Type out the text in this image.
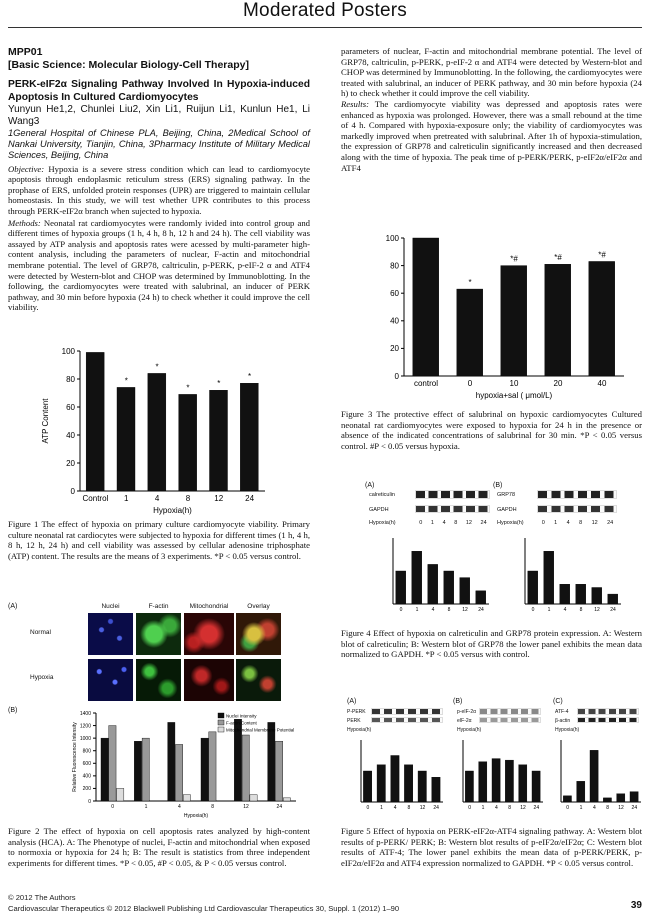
Moderated Posters
MPP01
[Basic Science: Molecular Biology-Cell Therapy]
PERK-eIF2α Signaling Pathway Involved In Hypoxia-induced Apoptosis In Cultured Cardiomyocytes
Yunyun He1,2, Chunlei Liu2, Xin Li1, Ruijun Li1, Kunlun He1, Li Wang3
1General Hospital of Chinese PLA, Beijing, China, 2Medical School of Nankai University, Tianjin, China, 3Pharmacy Institute of Military Medical Sciences, Beijing, China

Objective: Hypoxia is a severe stress condition which can lead to cardiomyocyte apoptosis through endoplasmic reticulum stress (ERS) signaling pathway. In the prophase of ERS, unfolded protein responses (UPR) are triggered to maintain cellular homeostasis. In this study, we will test whether UPR contributes to this process through PERK-eIF2α branch when sujected to hypoxia.

Methods: Neonatal rat cardiomyocytes were randomly ivided into control group and different times of hypoxia groups (1 h, 4 h, 8 h, 12 h and 24 h). The cell viability was assayed by ATP analysis and apoptosis rates were acessed by multi-parameter high-content analysis, including the parameters of nuclear, F-actin and mitochondrial membrane potential. The level of GRP78, caltriculin, p-PERK, p-eIF-2 α and ATF4 were detected by Western-blot and CHOP was determined by Immunoblotting. In the following, the cardiomyocytes were treated with salubrinal, an inducer of PERK pathway, and 30 min before hypoxia (24 h) to check whether it could improve the cell viability.

0
20
40
60
80
100
Control 1
*
4
*
8
*
12
*
24
*
ATP Content
Hypoxia(h)
Figure 1 The effect of hypoxia on primary culture cardiomyocyte viability. Primary culture neonatal rat cardiocytes were subjected to hypoxia for different times (1 h, 4 h, 8 h, 12 h, 24 h) and cell viability was assessed by cellular adenosine triphosphate (ATP) content. The results are the means of 3 experiments. *P < 0.05 versus control.
(A)	Nuclei	F-actin	Mitochondrial	Overlay
Normal
Hypoxia
(B)
0
200
400
600
800
1000
1200
1400
0	1	4	8	12	24
Relative Fluorescence Intensity
Hypoxia(h)
Nuclei Intensity
F-actin Content
Mitochondrial Membrane Potential
Figure 2 The effect of hypoxia on cell apoptosis rates analyzed by high-content analysis (HCA). A: The Phenotype of nuclei, F-actin and mitochondrial when exposed to normoxia or hypoxia for 24 h; B: The result is statistics from three independent experiments for different times. *P < 0.05, #P < 0.05, & P < 0.05 versus control.

parameters of nuclear, F-actin and mitochondrial membrane potential. The level of GRP78, caltriculin, p-PERK, p-eIF-2 α and ATF4 were detected by Western-blot and CHOP was determined by Immunoblotting. In the following, the cardiomyocytes were treated with salubrinal, an inducer of PERK pathway, and 30 min before hypoxia (24 h) to check whether it could improve the cell viability.

Results: The cardiomyocyte viability was depressed and apoptosis rates were enhanced as hypoxia was prolonged. However, there was a small rebound at the time of 4 h. Compared with hypoxia-exposure only; the viability of cardiomyocytes was markedly improved when pretreated with salubrinal. After 1h of hypoxia-stimulation, the expression of GRP78 and calreticulin significantly increased and then decreased along with the time of hypoxia. The peak time of p-PERK/PERK, p-eIF2α/eIF2α and ATF4

0
20
40
60
80
100
control	0
*
10
*#
20
*#
40
*#
hypoxia+sal ( μmol/L)
Figure 3 The protective effect of salubrinal on hypoxic cardiomyocytes Cultured neonatal rat cardiomyocytes were exposed to hypoxia for 24 h in the presence or absence of the indicated concentrations of salubrinal for 30 min. *P < 0.05 versus control. #P < 0.05 versus hypoxia.
(A)	(B)
calreticulin
GAPDH
Hypoxia(h)
GRP78
GAPDH
Hypoxia(h)
0 1 4 8 12 24	0 1 4 8 12 24
0	1	4	8 12 24	0	1	4	8 12 24
Figure 4 Effect of hypoxia on calreticulin and GRP78 protein expression. A: Western blot of calreticulin; B: Western blot of GRP78 the lower panel exhibits the mean data normalized to GAPDH. *P < 0.05 versus with control.
(A)	(B)	(C)
P-PERK
PERK
Hypoxia(h)
p-eIF-2α
eIF-2α
Hypoxia(h)
ATF-4
β-actin
Hypoxia(h)
0 1 4 8 12 24	0 1 4 8 12 24	0 1 4 8 12 24
Figure 5 Effect of hypoxia on PERK-eIF2α-ATF4 signaling pathway. A: Western blot results of p-PERK/ PERK; B: Western blot results of p-eIF2α/eIF2α; C: Western blot results of ATF-4; The lower panel exhibits the mean data of p-PERK/PERK, p-eIF2α/eIF2α and ATF4 expression normalized to GAPDH. *P < 0.05 versus control.
© 2012 The Authors
Cardiovascular Therapeutics © 2012 Blackwell Publishing Ltd Cardiovascular Therapeutics 30, Suppl. 1 (2012) 1–90	39
